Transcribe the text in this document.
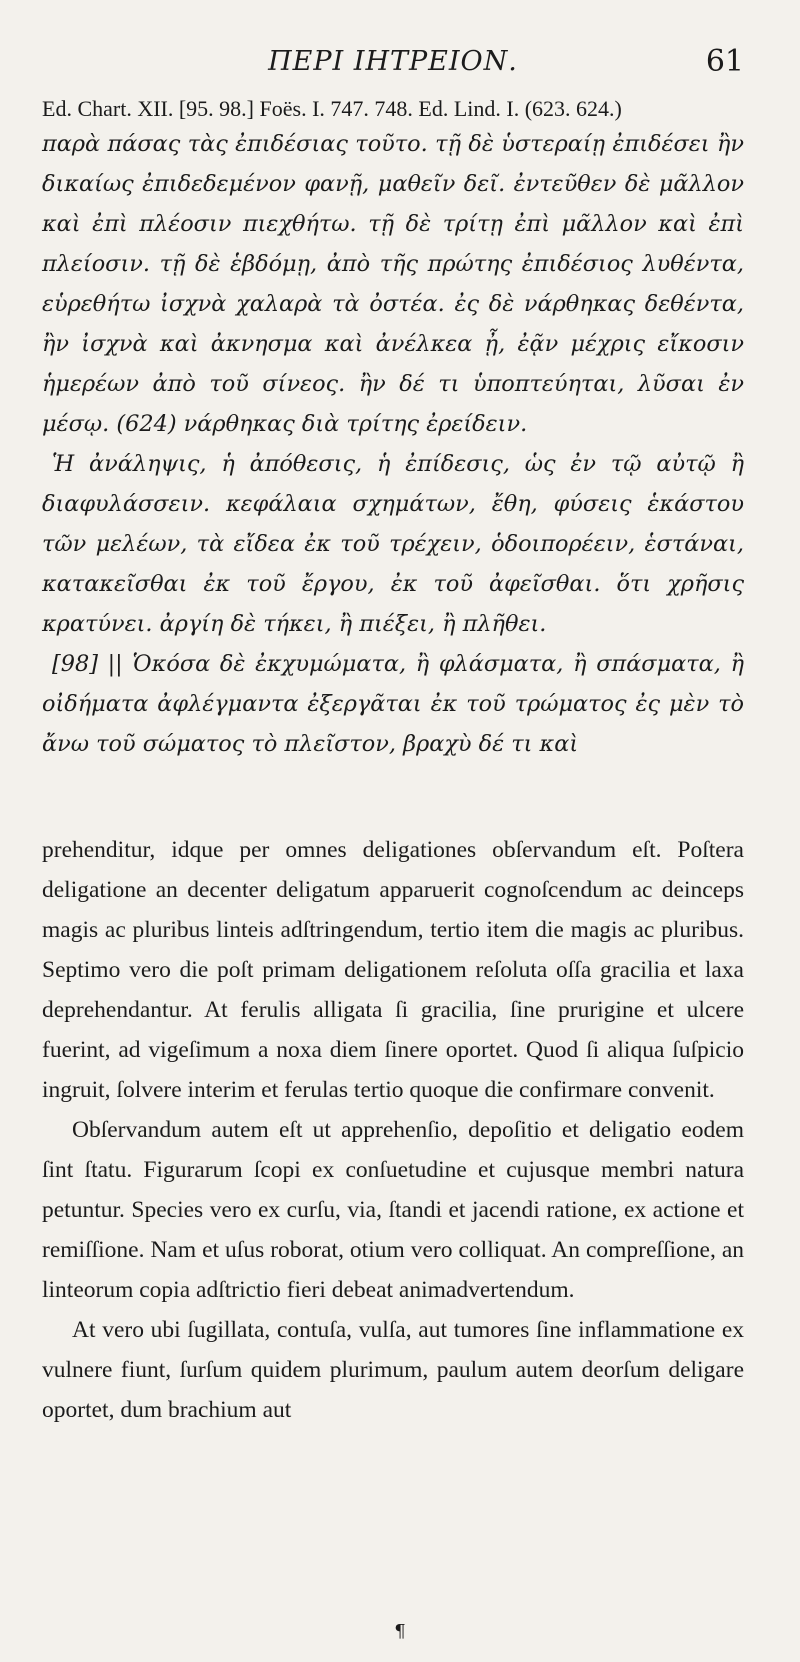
ΠΕΡΙ ΙΗΤΡΕΙΟΝ.	61
Ed. Chart. XII. [95. 98.] Foës. I. 747. 748. Ed. Lind. I. (623. 624.)

παρὰ πάσας τὰς ἐπιδέσιας τοῦτο. τῇ δὲ ὑστεραίῃ ἐπιδέσει ἢν δικαίως ἐπιδεδεμένον φανῇ, μαθεῖν δεῖ. ἐντεῦθεν δὲ μᾶλλον καὶ ἐπὶ πλέοσιν πιεχθήτω. τῇ δὲ τρίτῃ ἐπὶ μᾶλλον καὶ ἐπὶ πλείοσιν. τῇ δὲ ἑβδόμῃ, ἀπὸ τῆς πρώτης ἐπιδέσιος λυθέντα, εὑρεθήτω ἰσχνὰ χαλαρὰ τὰ ὀστέα. ἐς δὲ νάρθηκας δεθέντα, ἢν ἰσχνὰ καὶ ἀκνησμα καὶ ἀνέλκεα ᾖ, ἐᾷν μέχρις εἴκοσιν ἡμερέων ἀπὸ τοῦ σίνεος. ἢν δέ τι ὑποπτεύηται, λῦσαι ἐν μέσῳ. (624) νάρθηκας διὰ τρίτης ἐρείδειν.

Ἡ ἀνάληψις, ἡ ἀπόθεσις, ἡ ἐπίδεσις, ὡς ἐν τῷ αὐτῷ ἢ διαφυλάσσειν. κεφάλαια σχημάτων, ἔθη, φύσεις ἑκάστου τῶν μελέων, τὰ εἴδεα ἐκ τοῦ τρέχειν, ὁδοιπορέειν, ἑστάναι, κατακεῖσθαι ἐκ τοῦ ἔργου, ἐκ τοῦ ἀφεῖσθαι. ὅτι χρῆσις κρατύνει. ἀργίη δὲ τήκει, ἢ πιέξει, ἢ πλῆθει.

[98] || Ὁκόσα δὲ ἐκχυμώματα, ἢ φλάσματα, ἢ σπάσματα, ἢ οἰδήματα ἀφλέγμαντα ἐξεργᾶται ἐκ τοῦ τρώματος ἐς μὲν τὸ ἄνω τοῦ σώματος τὸ πλεῖστον, βραχὺ δέ τι καὶ

prehenditur, idque per omnes deligationes obſervandum eſt. Poſtera deligatione an decenter deligatum apparuerit cognoſcendum ac deinceps magis ac pluribus linteis adſtringendum, tertio item die magis ac pluribus. Septimo vero die poſt primam deligationem reſoluta oſſa gracilia et laxa deprehendantur. At ferulis alligata ſi gracilia, ſine prurigine et ulcere fuerint, ad vigeſimum a noxa diem ſinere oportet. Quod ſi aliqua ſuſpicio ingruit, ſolvere interim et ferulas tertio quoque die confirmare convenit.

Obſervandum autem eſt ut apprehenſio, depoſitio et deligatio eodem ſint ſtatu. Figurarum ſcopi ex conſuetudine et cujusque membri natura petuntur. Species vero ex curſu, via, ſtandi et jacendi ratione, ex actione et remiſſione. Nam et uſus roborat, otium vero colliquat. An compreſſione, an linteorum copia adſtrictio fieri debeat animadvertendum.

At vero ubi ſugillata, contuſa, vulſa, aut tumores ſine inflammatione ex vulnere fiunt, ſurſum quidem plurimum, paulum autem deorſum deligare oportet, dum brachium aut

¶
